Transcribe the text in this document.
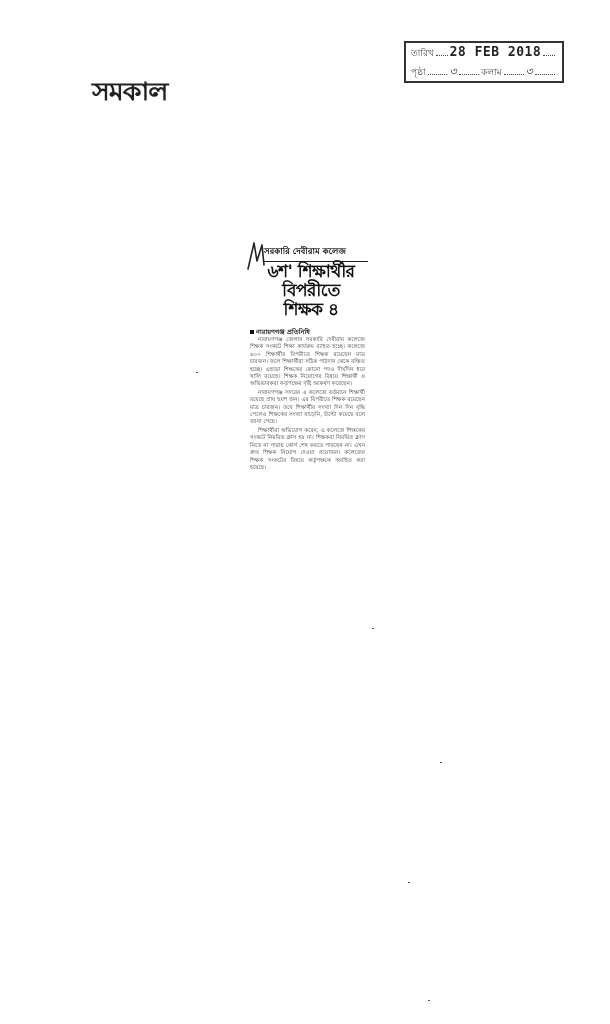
সমকাল
তারিখ 28 FEB 2018
পৃষ্ঠা ৩	কলাম ৩
সরকারি দেবীরাম কলেজ
৬শ' শিক্ষার্থীর
বিপরীতে
শিক্ষক ৪
নারায়ণগঞ্জ প্রতিনিধি

নারায়ণগঞ্জ জেলার সরকারি দেবীরাম কলেজে শিক্ষক সংকটে শিক্ষা কার্যক্রম ব্যাহত হচ্ছে। কলেজে ৬০০ শিক্ষার্থীর বিপরীতে শিক্ষক রয়েছেন মাত্র চারজন। ফলে শিক্ষার্থীরা সঠিক পাঠদান থেকে বঞ্চিত হচ্ছে। এছাড়া শিক্ষকের কোনো পদও দীর্ঘদিন ধরে খালি রয়েছে। শিক্ষক নিয়োগের বিষয়ে শিক্ষার্থী ও অভিভাবকরা কর্তৃপক্ষের দৃষ্টি আকর্ষণ করেছেন।

নারায়ণগঞ্জ সদরের এ কলেজে বর্তমানে শিক্ষার্থী রয়েছে প্রায় ছয়শ জন। এর বিপরীতে শিক্ষক রয়েছেন মাত্র চারজন। তবে শিক্ষার্থীর সংখ্যা দিন দিন বৃদ্ধি পেলেও শিক্ষকের সংখ্যা বাড়েনি, উল্টো কমেছে বলে জানা গেছে।

শিক্ষার্থীরা অভিযোগ করেন, এ কলেজে শিক্ষকের সংকটে নিয়মিত ক্লাস হয় না। শিক্ষকরা নিয়মিত ক্লাস নিতে না পারায় কোর্স শেষ করতে পারছেন না। এখন দ্রুত শিক্ষক নিয়োগ দেওয়া প্রয়োজন। কলেজের শিক্ষক সংকটের বিষয়ে কর্তৃপক্ষকে অবহিত করা হয়েছে।
